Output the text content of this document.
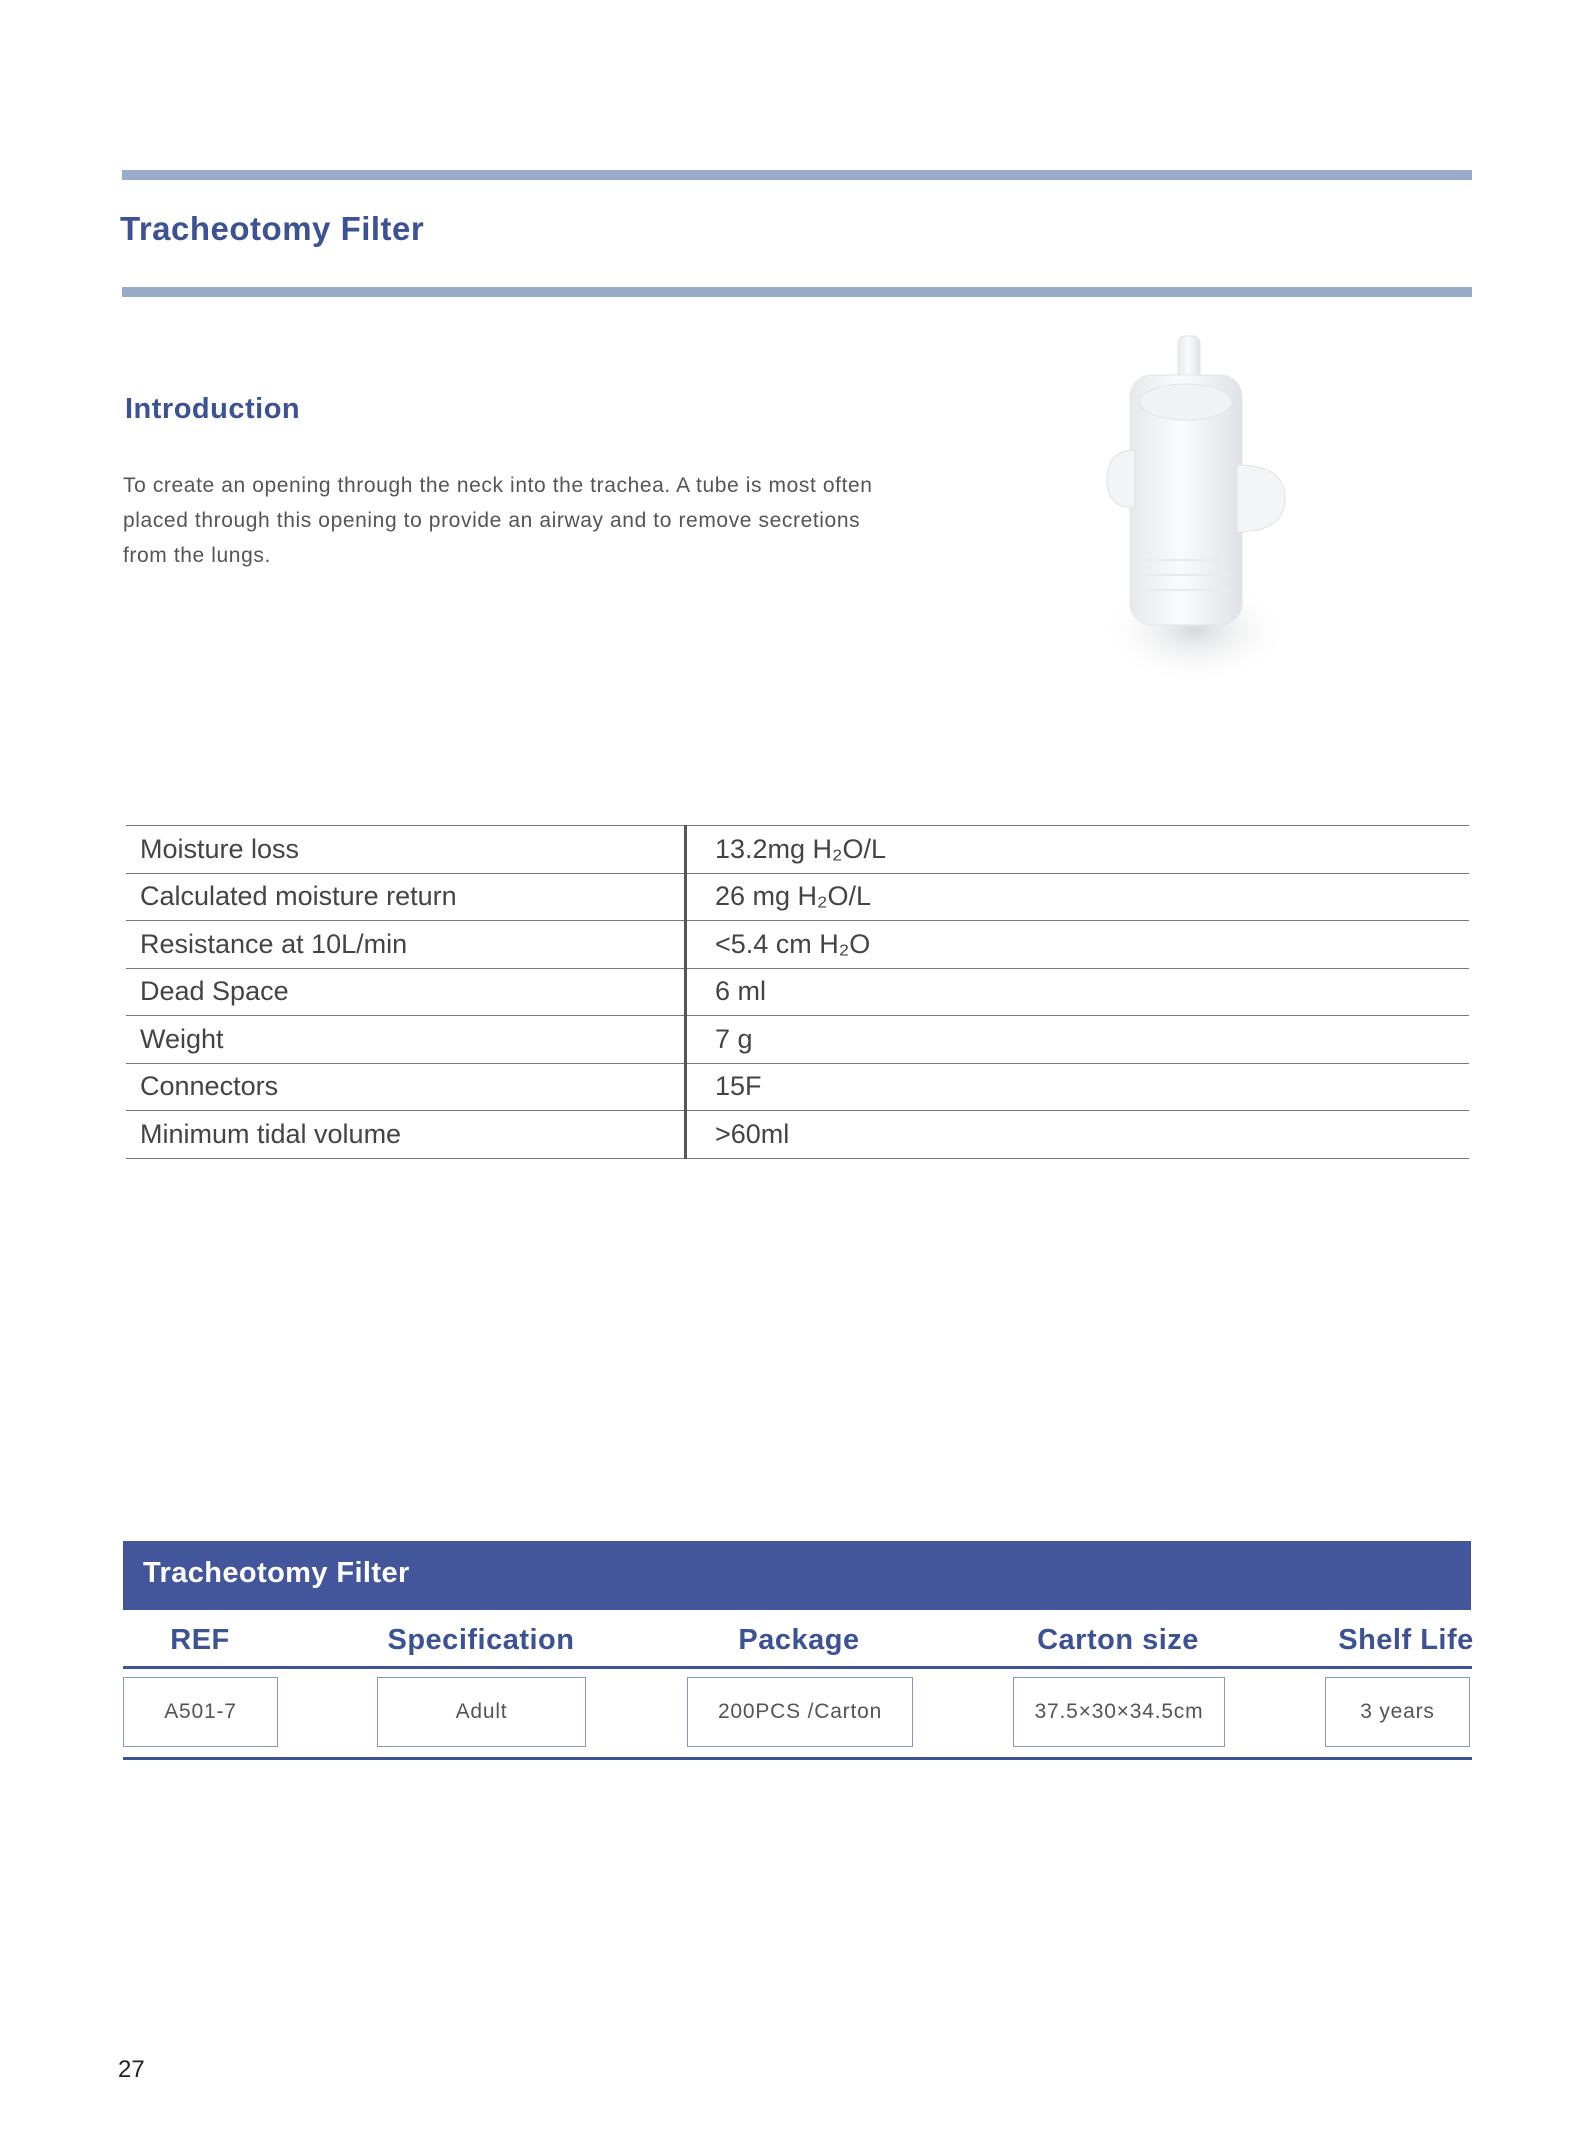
Tracheotomy Filter
Introduction
To create an opening through the neck into the trachea. A tube is most often
placed through this opening to provide an airway and to remove secretions
from the lungs.
Moisture loss	13.2mg H₂O/L
Calculated moisture return	26 mg H₂O/L
Resistance at 10L/min	<5.4 cm H₂O
Dead Space	6 ml
Weight	7 g
Connectors	15F
Minimum tidal volume	>60ml
Tracheotomy Filter
REF	Specification	Package	Carton size	Shelf Life
A501-7	Adult	200PCS /Carton	37.5×30×34.5cm	3 years
27
